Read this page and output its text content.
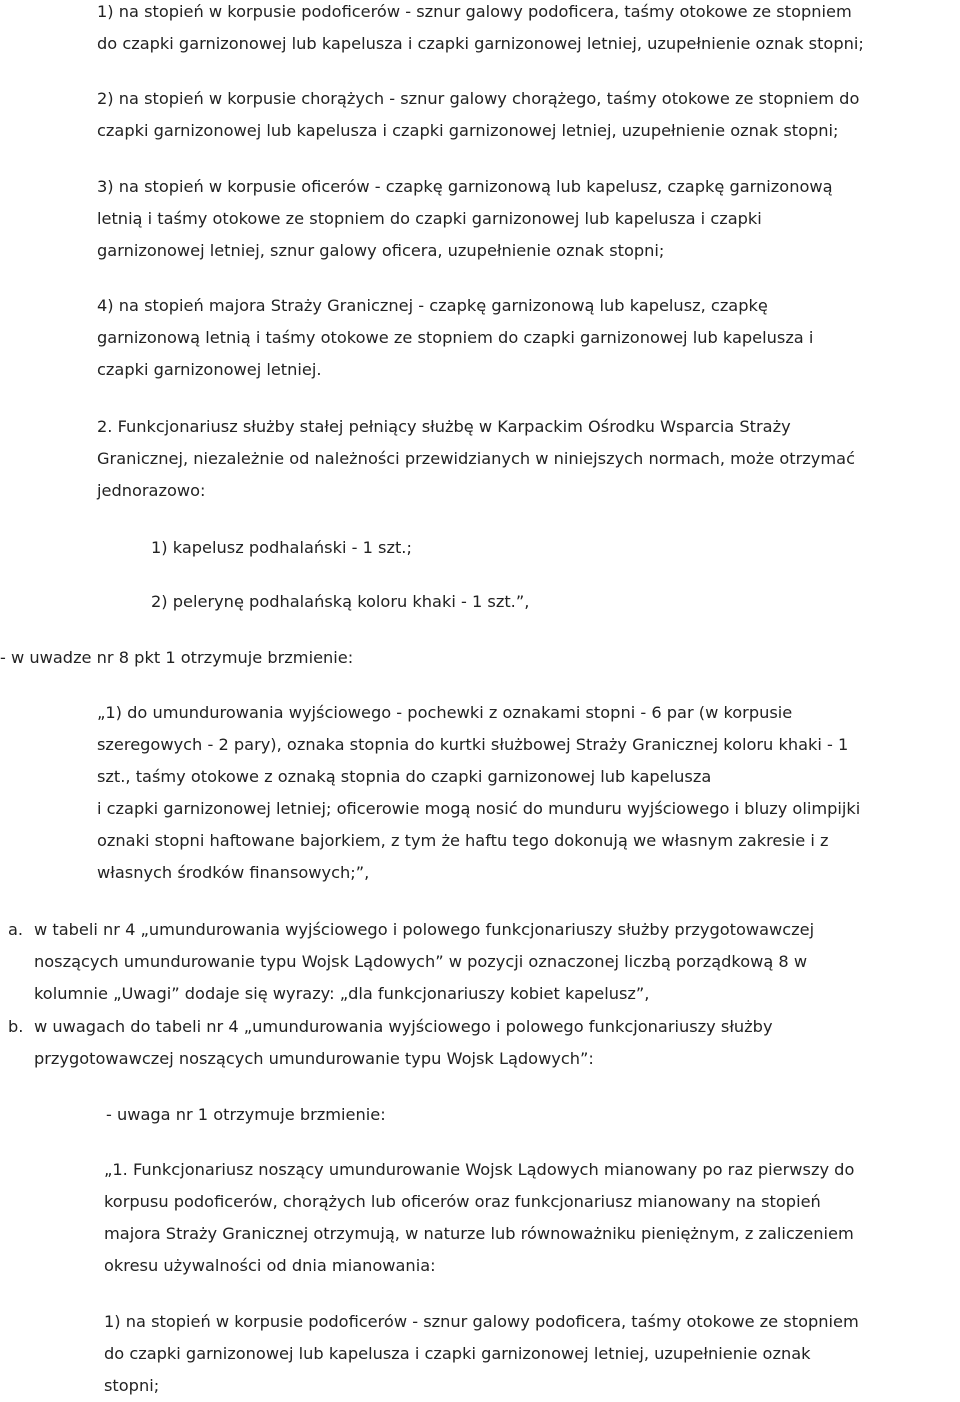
1) na stopień w korpusie podoficerów - sznur galowy podoficera, taśmy otokowe ze stopniem
do czapki garnizonowej lub kapelusza i czapki garnizonowej letniej, uzupełnienie oznak stopni;

2) na stopień w korpusie chorążych - sznur galowy chorążego, taśmy otokowe ze stopniem do
czapki garnizonowej lub kapelusza i czapki garnizonowej letniej, uzupełnienie oznak stopni;

3) na stopień w korpusie oficerów - czapkę garnizonową lub kapelusz, czapkę garnizonową
letnią i taśmy otokowe ze stopniem do czapki garnizonowej lub kapelusza i czapki
garnizonowej letniej, sznur galowy oficera, uzupełnienie oznak stopni;

4) na stopień majora Straży Granicznej - czapkę garnizonową lub kapelusz, czapkę
garnizonową letnią i taśmy otokowe ze stopniem do czapki garnizonowej lub kapelusza i
czapki garnizonowej letniej.

2. Funkcjonariusz służby stałej pełniący służbę w Karpackim Ośrodku Wsparcia Straży
Granicznej, niezależnie od należności przewidzianych w niniejszych normach, może otrzymać
jednorazowo:

1) kapelusz podhalański - 1 szt.;

2) pelerynę podhalańską koloru khaki - 1 szt.”,

- w uwadze nr 8 pkt 1 otrzymuje brzmienie:

„1) do umundurowania wyjściowego - pochewki z oznakami stopni - 6 par (w korpusie
szeregowych - 2 pary), oznaka stopnia do kurtki służbowej Straży Granicznej koloru khaki - 1
szt., taśmy otokowe z oznaką stopnia do czapki garnizonowej lub kapelusza
i czapki garnizonowej letniej; oficerowie mogą nosić do munduru wyjściowego i bluzy olimpijki
oznaki stopni haftowane bajorkiem, z tym że haftu tego dokonują we własnym zakresie i z
własnych środków finansowych;”,

a. w tabeli nr 4 „umundurowania wyjściowego i polowego funkcjonariuszy służby przygotowawczej
noszących umundurowanie typu Wojsk Lądowych” w pozycji oznaczonej liczbą porządkową 8 w
kolumnie „Uwagi” dodaje się wyrazy: „dla funkcjonariuszy kobiet kapelusz”,

b. w uwagach do tabeli nr 4 „umundurowania wyjściowego i polowego funkcjonariuszy służby
przygotowawczej noszących umundurowanie typu Wojsk Lądowych”:

- uwaga nr 1 otrzymuje brzmienie:

„1. Funkcjonariusz noszący umundurowanie Wojsk Lądowych mianowany po raz pierwszy do
korpusu podoficerów, chorążych lub oficerów oraz funkcjonariusz mianowany na stopień
majora Straży Granicznej otrzymują, w naturze lub równoważniku pieniężnym, z zaliczeniem
okresu używalności od dnia mianowania:

1) na stopień w korpusie podoficerów - sznur galowy podoficera, taśmy otokowe ze stopniem
do czapki garnizonowej lub kapelusza i czapki garnizonowej letniej, uzupełnienie oznak
stopni;
